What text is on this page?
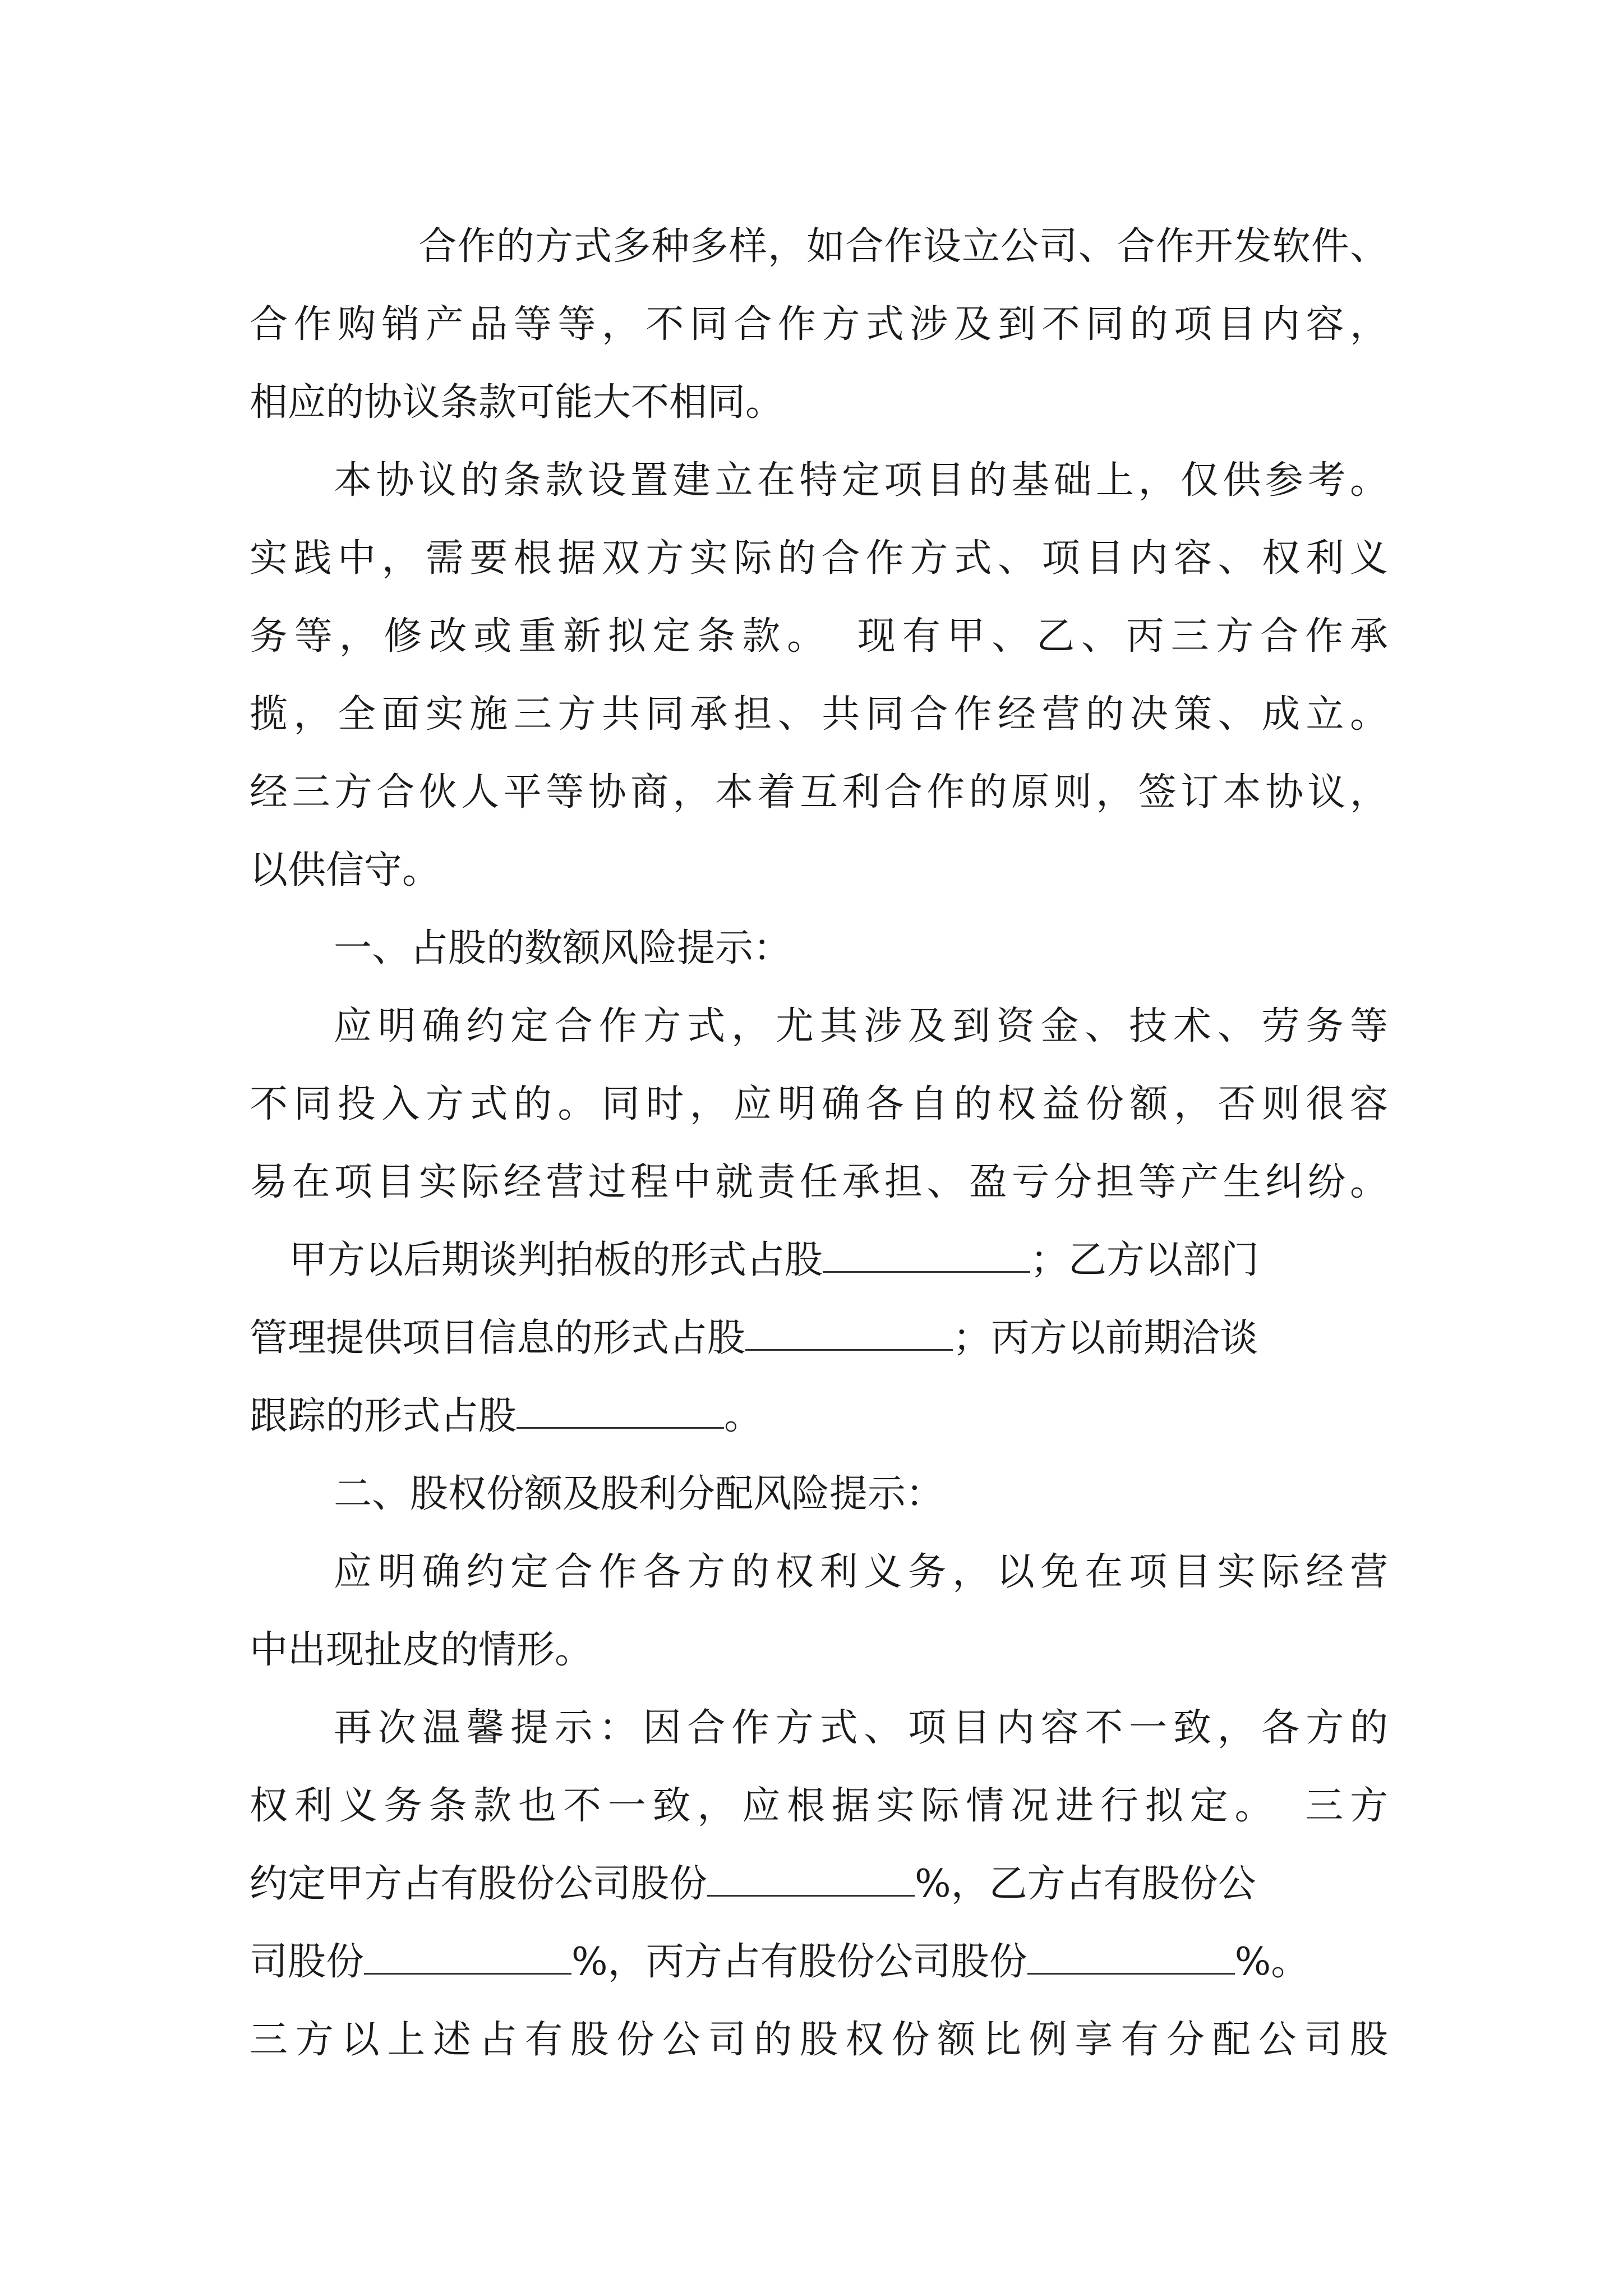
合作的方式多种多样，如合作设立公司、合作开发软件、
合作购销产品等等，不同合作方式涉及到不同的项目内容，
相应的协议条款可能大不相同。
本协议的条款设置建立在特定项目的基础上，仅供参考。
实践中，需要根据双方实际的合作方式、项目内容、权利义
务等，修改或重新拟定条款。　现有甲、乙、丙三方合作承
揽，全面实施三方共同承担、共同合作经营的决策、成立。
经三方合伙人平等协商，本着互利合作的原则，签订本协议，
以供信守。
一、占股的数额风险提示：
应明确约定合作方式，尤其涉及到资金、技术、劳务等
不同投入方式的。同时，应明确各自的权益份额，否则很容
易在项目实际经营过程中就责任承担、盈亏分担等产生纠纷。
甲方以后期谈判拍板的形式占股	；乙方以部门
管理提供项目信息的形式占股	；丙方以前期洽谈
跟踪的形式占股	。
二、股权份额及股利分配风险提示：
应明确约定合作各方的权利义务，以免在项目实际经营
中出现扯皮的情形。
再次温馨提示：因合作方式、项目内容不一致，各方的
权利义务条款也不一致，应根据实际情况进行拟定。　三方
约定甲方占有股份公司股份	%，乙方占有股份公
司股份	%，丙方占有股份公司股份	%。
三方以上述占有股份公司的股权份额比例享有分配公司股
